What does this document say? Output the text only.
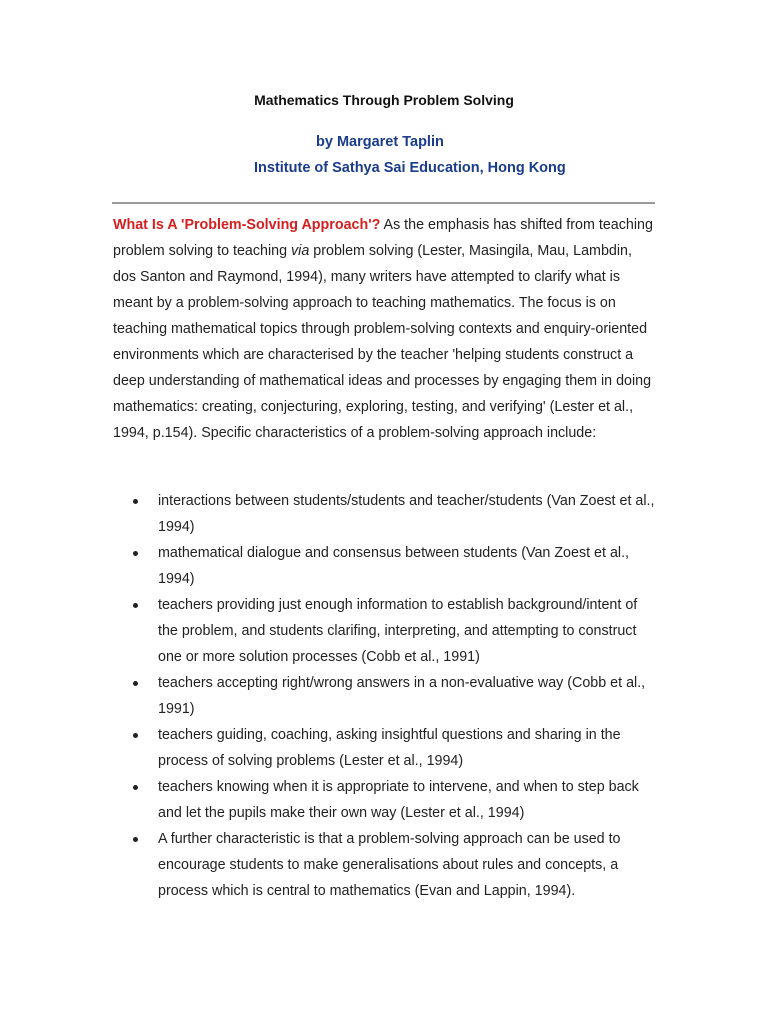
Mathematics Through Problem Solving

by Margaret Taplin

Institute of Sathya Sai Education, Hong Kong

What Is A 'Problem-Solving Approach'? As the emphasis has shifted from teaching problem solving to teaching via problem solving (Lester, Masingila, Mau, Lambdin, dos Santon and Raymond, 1994), many writers have attempted to clarify what is meant by a problem-solving approach to teaching mathematics. The focus is on teaching mathematical topics through problem-solving contexts and enquiry-oriented environments which are characterised by the teacher 'helping students construct a deep understanding of mathematical ideas and processes by engaging them in doing mathematics: creating, conjecturing, exploring, testing, and verifying' (Lester et al., 1994, p.154). Specific characteristics of a problem-solving approach include:

interactions between students/students and teacher/students (Van Zoest et al., 1994)
mathematical dialogue and consensus between students (Van Zoest et al., 1994)
teachers providing just enough information to establish background/intent of the problem, and students clarifing, interpreting, and attempting to construct one or more solution processes (Cobb et al., 1991)
teachers accepting right/wrong answers in a non-evaluative way (Cobb et al., 1991)
teachers guiding, coaching, asking insightful questions and sharing in the process of solving problems (Lester et al., 1994)
teachers knowing when it is appropriate to intervene, and when to step back and let the pupils make their own way (Lester et al., 1994)
A further characteristic is that a problem-solving approach can be used to encourage students to make generalisations about rules and concepts, a process which is central to mathematics (Evan and Lappin, 1994).
